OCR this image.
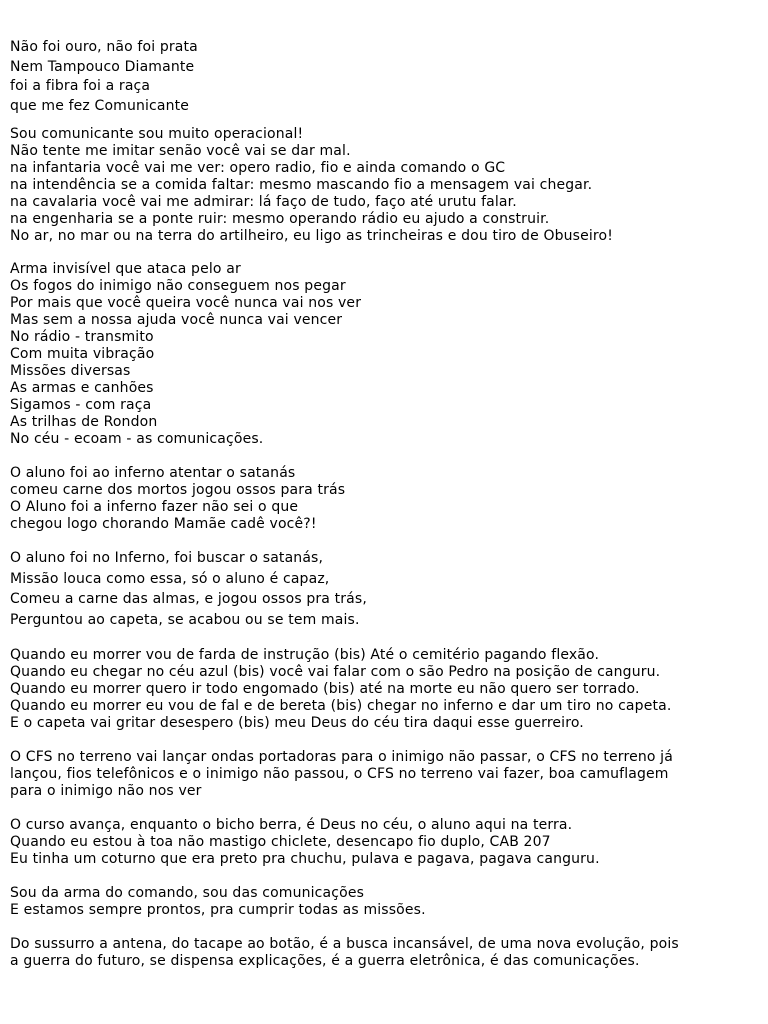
Não foi ouro, não foi prata
Nem Tampouco Diamante
foi a fibra foi a raça
que me fez Comunicante
Sou comunicante sou muito operacional!
Não tente me imitar senão você vai se dar mal.
na infantaria você vai me ver: opero radio, fio e ainda comando o GC
na intendência se a comida faltar: mesmo mascando fio a mensagem vai chegar.
na cavalaria você vai me admirar: lá faço de tudo, faço até urutu falar.
na engenharia se a ponte ruir: mesmo operando rádio eu ajudo a construir.
No ar, no mar ou na terra do artilheiro, eu ligo as trincheiras e dou tiro de Obuseiro!
Arma invisível que ataca pelo ar
Os fogos do inimigo não conseguem nos pegar
Por mais que você queira você nunca vai nos ver
Mas sem a nossa ajuda você nunca vai vencer
No rádio - transmito
Com muita vibração
Missões diversas
As armas e canhões
Sigamos - com raça
As trilhas de Rondon
No céu - ecoam - as comunicações.
O aluno foi ao inferno atentar o satanás
comeu carne dos mortos jogou ossos para trás
O Aluno foi a inferno fazer não sei o que
chegou logo chorando Mamãe cadê você?!
O aluno foi no Inferno, foi buscar o satanás,
Missão louca como essa, só o aluno é capaz,
Comeu a carne das almas, e jogou ossos pra trás,
Perguntou ao capeta, se acabou ou se tem mais.
Quando eu morrer vou de farda de instrução (bis) Até o cemitério pagando flexão.
Quando eu chegar no céu azul (bis) você vai falar com o são Pedro na posição de canguru.
Quando eu morrer quero ir todo engomado (bis) até na morte eu não quero ser torrado.
Quando eu morrer eu vou de fal e de bereta (bis) chegar no inferno e dar um tiro no capeta.
E o capeta vai gritar desespero (bis) meu Deus do céu tira daqui esse guerreiro.
O CFS no terreno vai lançar ondas portadoras para o inimigo não passar, o CFS no terreno já
lançou, fios telefônicos e o inimigo não passou, o CFS no terreno vai fazer, boa camuflagem
para o inimigo não nos ver
O curso avança, enquanto o bicho berra, é Deus no céu, o aluno aqui na terra.
Quando eu estou à toa não mastigo chiclete, desencapo fio duplo, CAB 207
Eu tinha um coturno que era preto pra chuchu, pulava e pagava, pagava canguru.
Sou da arma do comando, sou das comunicações
E estamos sempre prontos, pra cumprir todas as missões.
Do sussurro a antena, do tacape ao botão, é a busca incansável, de uma nova evolução, pois
a guerra do futuro, se dispensa explicações, é a guerra eletrônica, é das comunicações.
